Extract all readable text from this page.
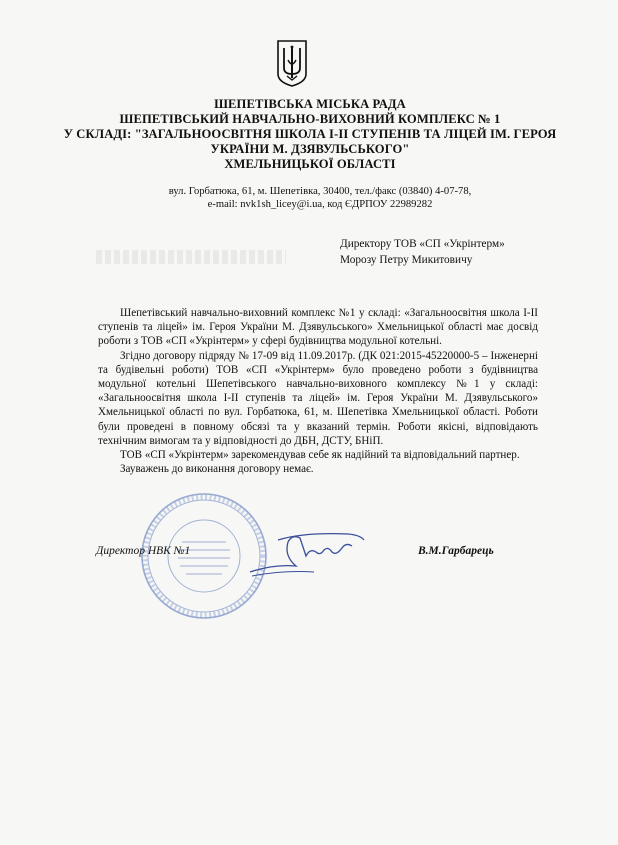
ШЕПЕТІВСЬКА МІСЬКА РАДА
ШЕПЕТІВСЬКИЙ НАВЧАЛЬНО-ВИХОВНИЙ КОМПЛЕКС № 1
У СКЛАДІ: "ЗАГАЛЬНООСВІТНЯ ШКОЛА І-ІІ СТУПЕНІВ ТА ЛІЦЕЙ ІМ. ГЕРОЯ
УКРАЇНИ М. ДЗЯВУЛЬСЬКОГО"
ХМЕЛЬНИЦЬКОЇ ОБЛАСТІ
вул. Горбатюка, 61, м. Шепетівка, 30400, тел./факс (03840) 4-07-78,
e-mail: nvk1sh_licey@i.ua, код ЄДРПОУ 22989282
Директору ТОВ «СП «Укрінтерм»
Морозу Петру Микитовичу

Шепетівський навчально-виховний комплекс №1 у складі: «Загальноосвітня школа І-ІІ ступенів та ліцей» ім. Героя України М. Дзявульського» Хмельницької області має досвід роботи з ТОВ «СП «Укрінтерм» у сфері будівництва модульної котельні.

Згідно договору підряду № 17-09 від 11.09.2017р. (ДК 021:2015-45220000-5 – Інженерні та будівельні роботи) ТОВ «СП «Укрінтерм» було проведено роботи з будівництва модульної котельні Шепетівського навчально-виховного комплексу №1 у складі: «Загальноосвітня школа І-ІІ ступенів та ліцей» ім. Героя України М. Дзявульського» Хмельницької області по вул. Горбатюка, 61, м. Шепетівка Хмельницької області. Роботи були проведені в повному обсязі та у вказаний термін. Роботи якісні, відповідають технічним вимогам та у відповідності до ДБН, ДСТУ, БНіП.

ТОВ «СП «Укрінтерм» зарекомендував себе як надійний та відповідальний партнер.

Зауважень до виконання договору немає.

Директор НВК №1	В.М.Гарбарець
